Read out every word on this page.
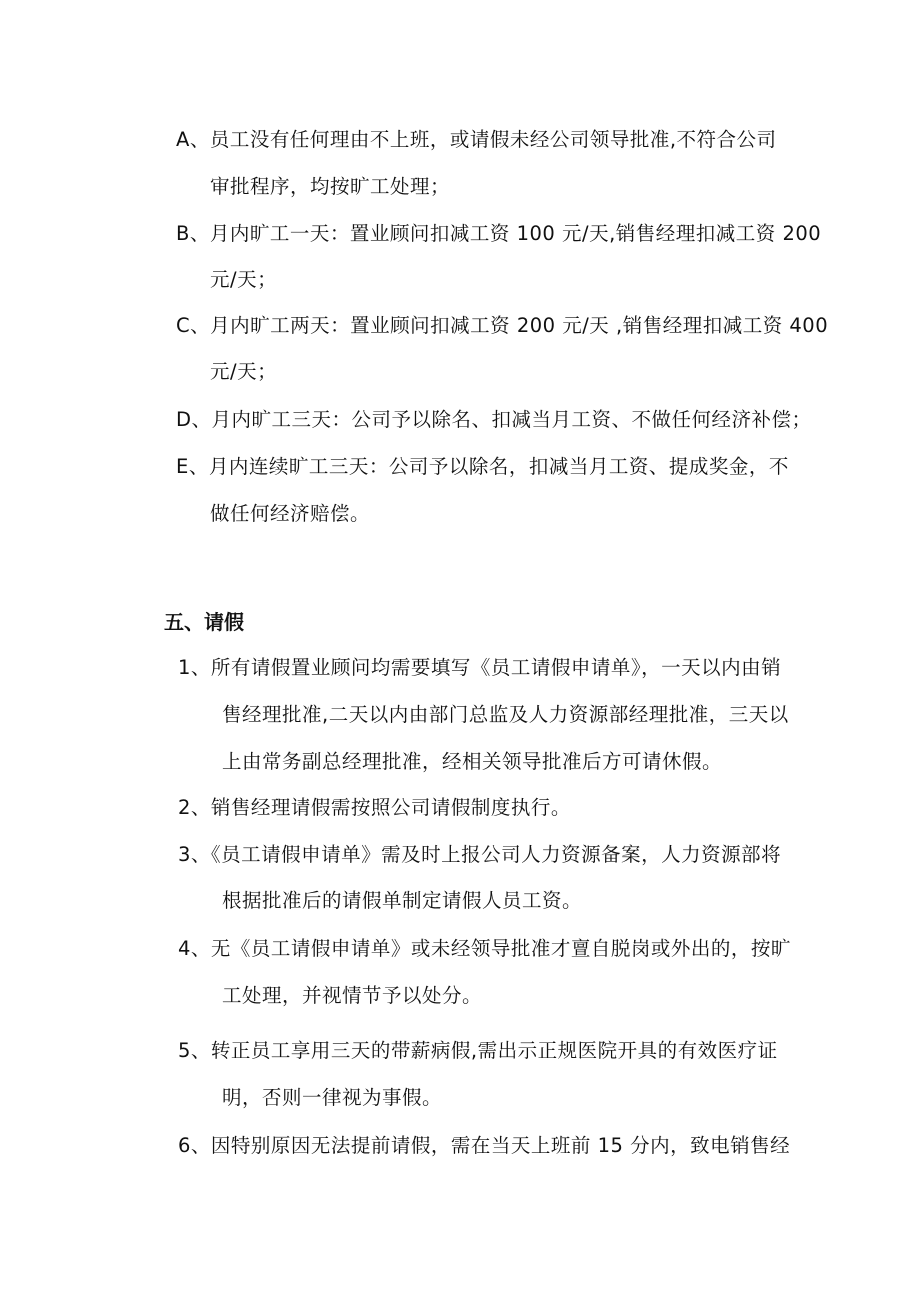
A、员工没有任何理由不上班，或请假未经公司领导批准,不符合公司
审批程序，均按旷工处理；
B、月内旷工一天：置业顾问扣减工资 100 元/天,销售经理扣减工资 200
元/天；
C、月内旷工两天：置业顾问扣减工资 200 元/天 ,销售经理扣减工资 400
元/天；
D、月内旷工三天：公司予以除名、扣减当月工资、不做任何经济补偿；
E、月内连续旷工三天：公司予以除名，扣减当月工资、提成奖金，不
做任何经济赔偿。
五、请假
1、所有请假置业顾问均需要填写《员工请假申请单》，一天以内由销
售经理批准,二天以内由部门总监及人力资源部经理批准，三天以
上由常务副总经理批准，经相关领导批准后方可请休假。
2、销售经理请假需按照公司请假制度执行。
3、《员工请假申请单》需及时上报公司人力资源备案，人力资源部将
根据批准后的请假单制定请假人员工资。
4、无《员工请假申请单》或未经领导批准才亶自脱岗或外出的，按旷
工处理，并视情节予以处分。
5、转正员工享用三天的带薪病假,需出示正规医院开具的有效医疗证
明，否则一律视为事假。
6、因特别原因无法提前请假，需在当天上班前 15 分内，致电销售经
